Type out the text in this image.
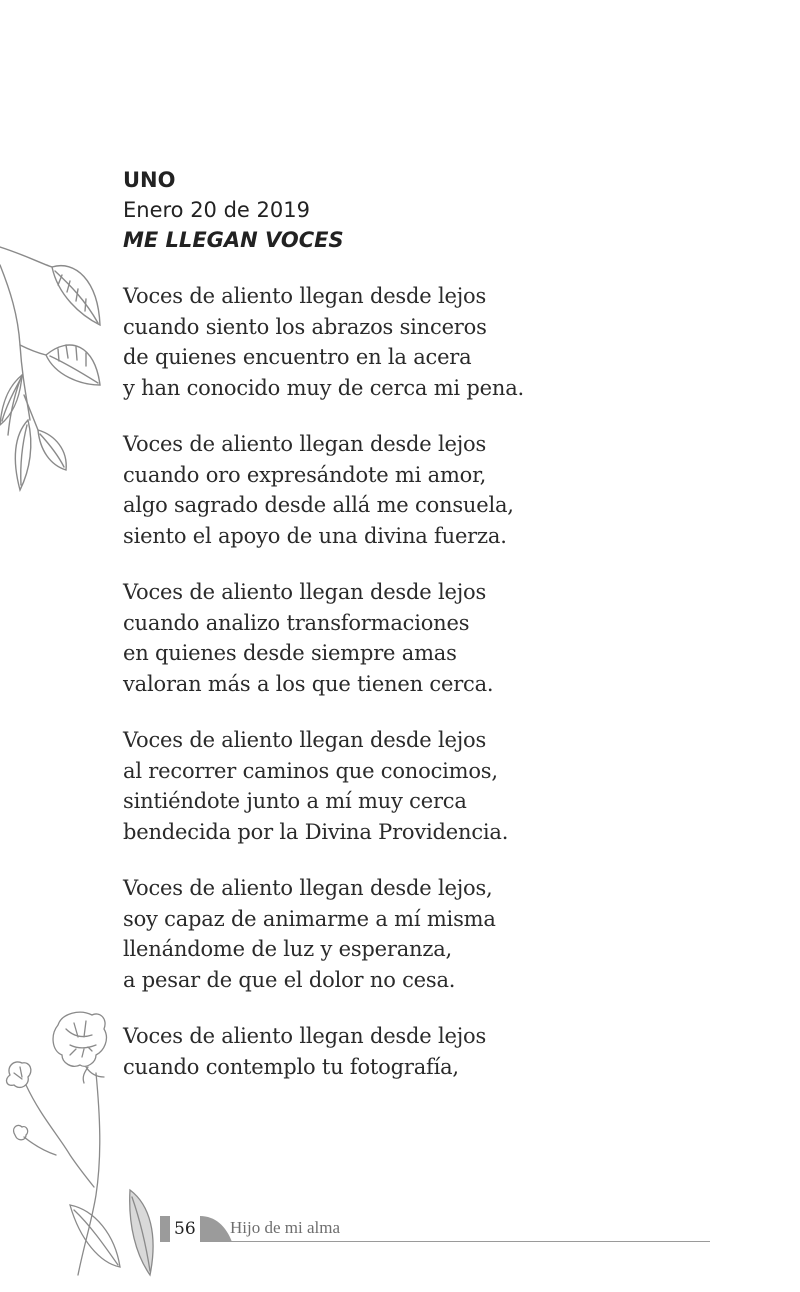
UNO
Enero 20 de 2019
ME LLEGAN VOCES
Voces de aliento llegan desde lejos
cuando siento los abrazos sinceros
de quienes encuentro en la acera
y han conocido muy de cerca mi pena.
Voces de aliento llegan desde lejos
cuando oro expresándote mi amor,
algo sagrado desde allá me consuela,
siento el apoyo de una divina fuerza.
Voces de aliento llegan desde lejos
cuando analizo transformaciones
en quienes desde siempre amas
valoran más a los que tienen cerca.
Voces de aliento llegan desde lejos
al recorrer caminos que conocimos,
sintiéndote junto a mí muy cerca
bendecida por la Divina Providencia.
Voces de aliento llegan desde lejos,
soy capaz de animarme a mí misma
llenándome de luz y esperanza,
a pesar de que el dolor no cesa.
Voces de aliento llegan desde lejos
cuando contemplo tu fotografía,
56 Hijo de mi alma
